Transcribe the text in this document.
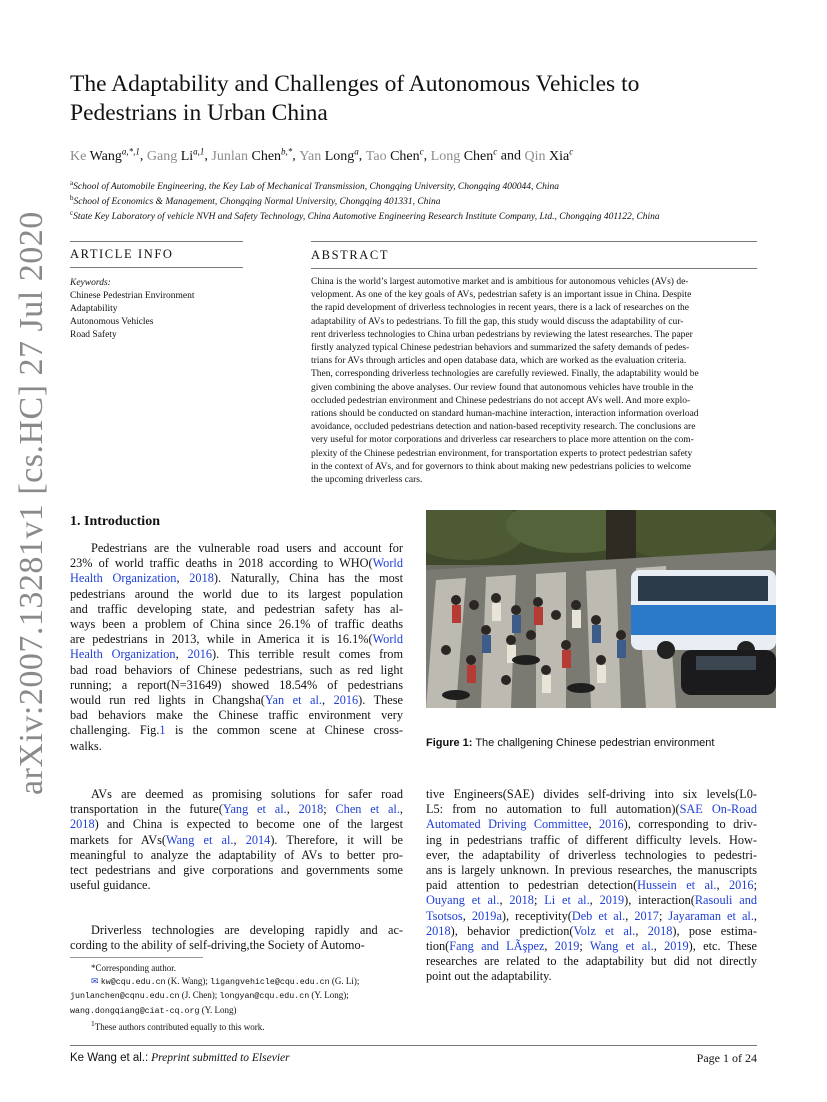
arXiv:2007.13281v1 [cs.HC] 27 Jul 2020
The Adaptability and Challenges of Autonomous Vehicles to
Pedestrians in Urban China
Ke Wang$^{a,*,1}$, Gang Li$^{a,1}$, Junlan Chen$^{b,*}$, Yan Long$^a$, Tao Chen$^c$, Long Chen$^c$ and Qin Xia$^c$
$^a$School of Automobile Engineering, the Key Lab of Mechanical Transmission, Chongqing University, Chongqing 400044, China
$^b$School of Economics & Management, Chongqing Normal University, Chongqing 401331, China
$^c$State Key Laboratory of vehicle NVH and Safety Technology, China Automotive Engineering Research Institute Company, Ltd., Chongqing 401122, China
ARTICLE INFO
Keywords:
Chinese Pedestrian Environment
Adaptability
Autonomous Vehicles
Road Safety
ABSTRACT
China is the world’s largest automotive market and is ambitious for autonomous vehicles (AVs) de-
velopment. As one of the key goals of AVs, pedestrian safety is an important issue in China. Despite
the rapid development of driverless technologies in recent years, there is a lack of researches on the
adaptability of AVs to pedestrians. To fill the gap, this study would discuss the adaptability of cur-
rent driverless technologies to China urban pedestrians by reviewing the latest researches. The paper
firstly analyzed typical Chinese pedestrian behaviors and summarized the safety demands of pedes-
trians for AVs through articles and open database data, which are worked as the evaluation criteria.
Then, corresponding driverless technologies are carefully reviewed. Finally, the adaptability would be
given combining the above analyses. Our review found that autonomous vehicles have trouble in the
occluded pedestrian environment and Chinese pedestrians do not accept AVs well. And more explo-
rations should be conducted on standard human-machine interaction, interaction information overload
avoidance, occluded pedestrians detection and nation-based receptivity research. The conclusions are
very useful for motor corporations and driverless car researchers to place more attention on the com-
plexity of the Chinese pedestrian environment, for transportation experts to protect pedestrian safety
in the context of AVs, and for governors to think about making new pedestrians policies to welcome
the upcoming driverless cars.
1. Introduction
Pedestrians are the vulnerable road users and account for
23% of world traffic deaths in 2018 according to WHO(World
Health Organization, 2018). Naturally, China has the most
pedestrians around the world due to its largest population
and traffic developing state, and pedestrian safety has al-
ways been a problem of China since 26.1% of traffic deaths
are pedestrians in 2013, while in America it is 16.1%(World
Health Organization, 2016). This terrible result comes from
bad road behaviors of Chinese pedestrians, such as red light
running; a report(N=31649) showed 18.54% of pedestrians
would run red lights in Changsha(Yan et al., 2016). These
bad behaviors make the Chinese traffic environment very
challenging. Fig.1 is the common scene at Chinese cross-
walks.
AVs are deemed as promising solutions for safer road
transportation in the future(Yang et al., 2018; Chen et al.,
2018) and China is expected to become one of the largest
markets for AVs(Wang et al., 2014). Therefore, it will be
meaningful to analyze the adaptability of AVs to better pro-
tect pedestrians and give corporations and governments some
useful guidance.
Driverless technologies are developing rapidly and ac-
cording to the ability of self-driving,the Society of Automo-
tive Engineers(SAE) divides self-driving into six levels(L0-
L5: from no automation to full automation)(SAE On-Road
Automated Driving Committee, 2016), corresponding to driv-
ing in pedestrians traffic of different difficulty levels. How-
ever, the adaptability of driverless technologies to pedestri-
ans is largely unknown. In previous researches, the manuscripts
paid attention to pedestrian detection(Hussein et al., 2016;
Ouyang et al., 2018; Li et al., 2019), interaction(Rasouli and
Tsotsos, 2019a), receptivity(Deb et al., 2017; Jayaraman et al.,
2018), behavior prediction(Volz et al., 2018), pose estima-
tion(Fang and LÃşpez, 2019; Wang et al., 2019), etc. These
researches are related to the adaptability but did not directly
point out the adaptability.
Figure 1: The challgening Chinese pedestrian environment
*Corresponding author.
✉ kw@cqu.edu.cn (K. Wang); ligangvehicle@cqu.edu.cn (G. Li);
junlanchen@cqnu.edu.cn (J. Chen); longyan@cqu.edu.cn (Y. Long);
wang.dongqiang@ciat-cq.org (Y. Long)
$^1$These authors contributed equally to this work.
Ke Wang et al.: Preprint submitted to Elsevier	Page 1 of 24
